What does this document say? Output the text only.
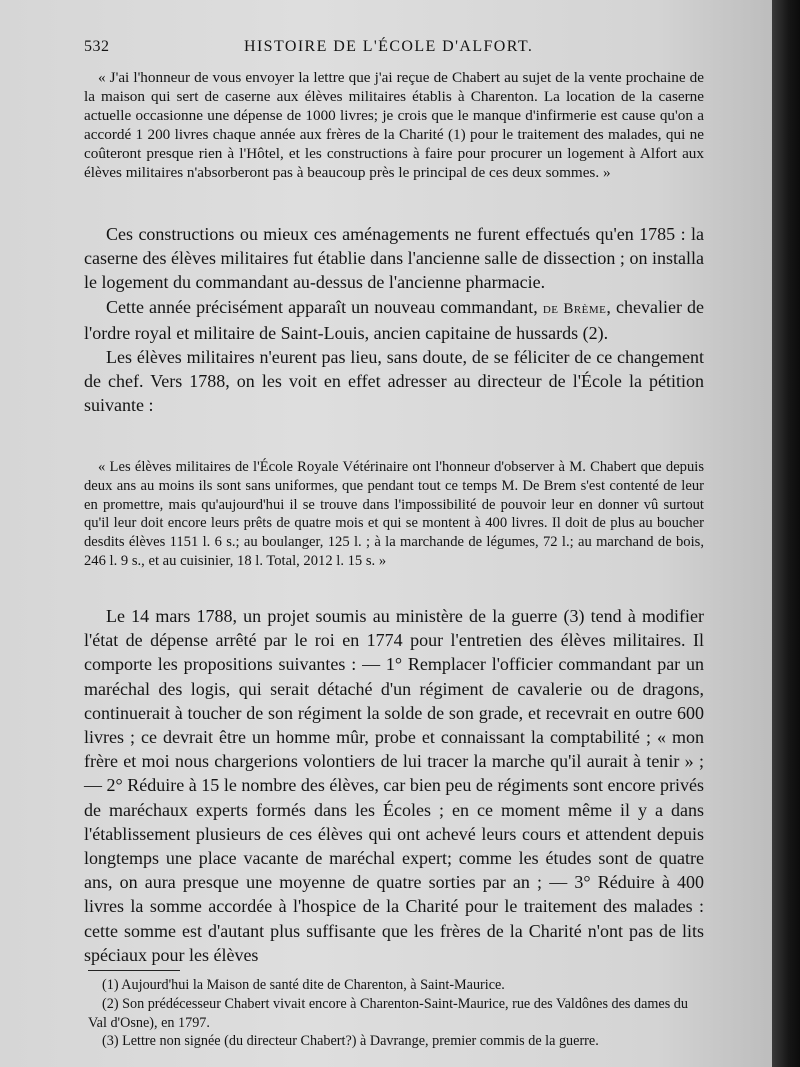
532	HISTOIRE DE L'ÉCOLE D'ALFORT.

« J'ai l'honneur de vous envoyer la lettre que j'ai reçue de Chabert au sujet de la vente prochaine de la maison qui sert de caserne aux élèves militaires établis à Charenton. La location de la caserne actuelle occasionne une dépense de 1000 livres; je crois que le manque d'infirmerie est cause qu'on a accordé 1 200 livres chaque année aux frères de la Charité (1) pour le traitement des malades, qui ne coûteront presque rien à l'Hôtel, et les constructions à faire pour procurer un logement à Alfort aux élèves militaires n'absorberont pas à beaucoup près le principal de ces deux sommes. »

Ces constructions ou mieux ces aménagements ne furent effectués qu'en 1785 : la caserne des élèves militaires fut établie dans l'ancienne salle de dissection ; on installa le logement du commandant au-dessus de l'ancienne pharmacie.

Cette année précisément apparaît un nouveau commandant, de Brème, chevalier de l'ordre royal et militaire de Saint-Louis, ancien capitaine de hussards (2).

Les élèves militaires n'eurent pas lieu, sans doute, de se féliciter de ce changement de chef. Vers 1788, on les voit en effet adresser au directeur de l'École la pétition suivante :

« Les élèves militaires de l'École Royale Vétérinaire ont l'honneur d'observer à M. Chabert que depuis deux ans au moins ils sont sans uniformes, que pendant tout ce temps M. De Brem s'est contenté de leur en promettre, mais qu'aujourd'hui il se trouve dans l'impossibilité de pouvoir leur en donner vû surtout qu'il leur doit encore leurs prêts de quatre mois et qui se montent à 400 livres. Il doit de plus au boucher desdits élèves 1151 l. 6 s.; au boulanger, 125 l. ; à la marchande de légumes, 72 l.; au marchand de bois, 246 l. 9 s., et au cuisinier, 18 l. Total, 2012 l. 15 s. »

Le 14 mars 1788, un projet soumis au ministère de la guerre (3) tend à modifier l'état de dépense arrêté par le roi en 1774 pour l'entretien des élèves militaires. Il comporte les propositions suivantes : — 1° Remplacer l'officier commandant par un maréchal des logis, qui serait détaché d'un régiment de cavalerie ou de dragons, continuerait à toucher de son régiment la solde de son grade, et recevrait en outre 600 livres ; ce devrait être un homme mûr, probe et connaissant la comptabilité ; « mon frère et moi nous chargerions volontiers de lui tracer la marche qu'il aurait à tenir » ; — 2° Réduire à 15 le nombre des élèves, car bien peu de régiments sont encore privés de maréchaux experts formés dans les Écoles ; en ce moment même il y a dans l'établissement plusieurs de ces élèves qui ont achevé leurs cours et attendent depuis longtemps une place vacante de maréchal expert; comme les études sont de quatre ans, on aura presque une moyenne de quatre sorties par an ; — 3° Réduire à 400 livres la somme accordée à l'hospice de la Charité pour le traitement des malades : cette somme est d'autant plus suffisante que les frères de la Charité n'ont pas de lits spéciaux pour les élèves

(1) Aujourd'hui la Maison de santé dite de Charenton, à Saint-Maurice.

(2) Son prédécesseur Chabert vivait encore à Charenton-Saint-Maurice, rue des Valdônes des dames du Val d'Osne), en 1797.

(3) Lettre non signée (du directeur Chabert?) à Davrange, premier commis de la guerre.
